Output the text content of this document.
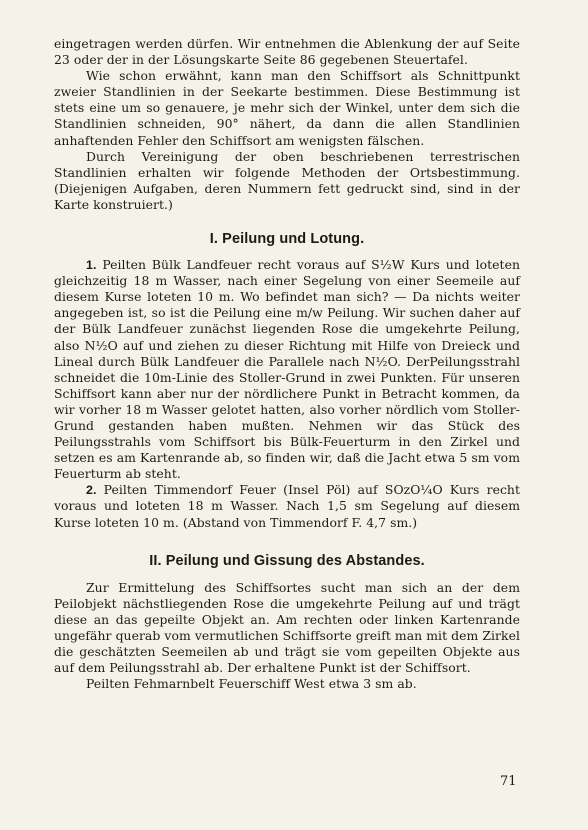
eingetragen werden dürfen. Wir entnehmen die Ablenkung der auf Seite 23 oder der in der Lösungskarte Seite 86 gegebenen Steuertafel.

Wie schon erwähnt, kann man den Schiffsort als Schnittpunkt zweier Standlinien in der Seekarte bestimmen. Diese Bestimmung ist stets eine um so genauere, je mehr sich der Winkel, unter dem sich die Standlinien schneiden, 90° nähert, da dann die allen Standlinien anhaftenden Fehler den Schiffsort am wenigsten fälschen.

Durch Vereinigung der oben beschriebenen terrestrischen Standlinien erhalten wir folgende Methoden der Ortsbestimmung. (Diejenigen Aufgaben, deren Nummern fett gedruckt sind, sind in der Karte konstruiert.)

I. Peilung und Lotung.

1. Peilten Bülk Landfeuer recht voraus auf S½W Kurs und loteten gleichzeitig 18 m Wasser, nach einer Segelung von einer Seemeile auf diesem Kurse loteten 10 m. Wo befindet man sich? — Da nichts weiter angegeben ist, so ist die Peilung eine m/w Peilung. Wir suchen daher auf der Bülk Landfeuer zunächst liegenden Rose die umgekehrte Peilung, also N½O auf und ziehen zu dieser Richtung mit Hilfe von Dreieck und Lineal durch Bülk Landfeuer die Parallele nach N½O. DerPeilungsstrahl schneidet die 10m-Linie des Stoller-Grund in zwei Punkten. Für unseren Schiffsort kann aber nur der nördlichere Punkt in Betracht kommen, da wir vorher 18 m Wasser gelotet hatten, also vorher nördlich vom Stoller-Grund gestanden haben mußten. Nehmen wir das Stück des Peilungsstrahls vom Schiffsort bis Bülk-Feuerturm in den Zirkel und setzen es am Kartenrande ab, so finden wir, daß die Jacht etwa 5 sm vom Feuerturm ab steht.

2. Peilten Timmendorf Feuer (Insel Pöl) auf SOzO¼O Kurs recht voraus und loteten 18 m Wasser. Nach 1,5 sm Segelung auf diesem Kurse loteten 10 m. (Abstand von Timmendorf F. 4,7 sm.)

II. Peilung und Gissung des Abstandes.

Zur Ermittelung des Schiffsortes sucht man sich an der dem Peilobjekt nächstliegenden Rose die umgekehrte Peilung auf und trägt diese an das gepeilte Objekt an. Am rechten oder linken Kartenrande ungefähr querab vom vermutlichen Schiffsorte greift man mit dem Zirkel die geschätzten Seemeilen ab und trägt sie vom gepeilten Objekte aus auf dem Peilungsstrahl ab. Der erhaltene Punkt ist der Schiffsort.

Peilten Fehmarnbelt Feuerschiff West etwa 3 sm ab.

71
